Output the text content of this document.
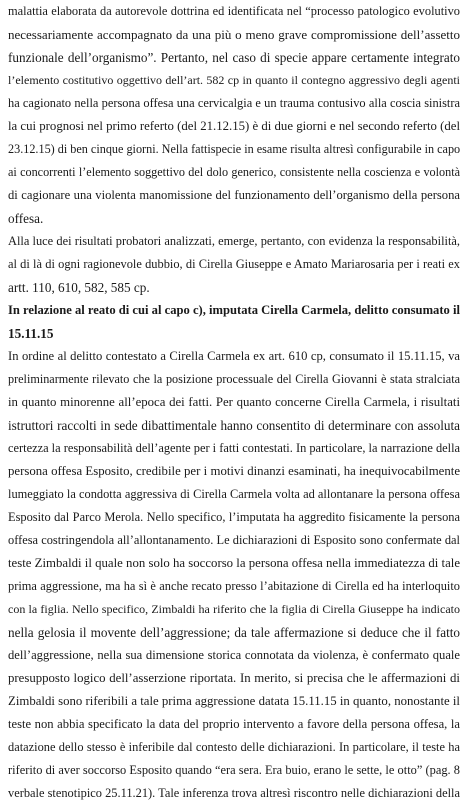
malattia elaborata da autorevole dottrina ed identificata nel “processo patologico evolutivo
necessariamente accompagnato da una più o meno grave compromissione dell’assetto
funzionale dell’organismo”. Pertanto, nel caso di specie appare certamente integrato
l’elemento costitutivo oggettivo dell’art. 582 cp in quanto il contegno aggressivo degli agenti
ha cagionato nella persona offesa una cervicalgia e un trauma contusivo alla coscia sinistra
la cui prognosi nel primo referto (del 21.12.15) è di due giorni e nel secondo referto (del
23.12.15) di ben cinque giorni. Nella fattispecie in esame risulta altresì configurabile in capo
ai concorrenti l’elemento soggettivo del dolo generico, consistente nella coscienza e volontà
di cagionare una violenta manomissione del funzionamento dell’organismo della persona
offesa.
Alla luce dei risultati probatori analizzati, emerge, pertanto, con evidenza la responsabilità,
al di là di ogni ragionevole dubbio, di Cirella Giuseppe e Amato Mariarosaria per i reati ex
artt. 110, 610, 582, 585 cp.
In relazione al reato di cui al capo c), imputata Cirella Carmela, delitto consumato il
15.11.15
In ordine al delitto contestato a Cirella Carmela ex art. 610 cp, consumato il 15.11.15, va
preliminarmente rilevato che la posizione processuale del Cirella Giovanni è stata stralciata
in quanto minorenne all’epoca dei fatti. Per quanto concerne Cirella Carmela, i risultati
istruttori raccolti in sede dibattimentale hanno consentito di determinare con assoluta
certezza la responsabilità dell’agente per i fatti contestati. In particolare, la narrazione della
persona offesa Esposito, credibile per i motivi dinanzi esaminati, ha inequivocabilmente
lumeggiato la condotta aggressiva di Cirella Carmela volta ad allontanare la persona offesa
Esposito dal Parco Merola. Nello specifico, l’imputata ha aggredito fisicamente la persona
offesa costringendola all’allontanamento. Le dichiarazioni di Esposito sono confermate dal
teste Zimbaldi il quale non solo ha soccorso la persona offesa nella immediatezza di tale
prima aggressione, ma ha sì è anche recato presso l’abitazione di Cirella ed ha interloquito
con la figlia. Nello specifico, Zimbaldi ha riferito che la figlia di Cirella Giuseppe ha indicato
nella gelosia il movente dell’aggressione; da tale affermazione si deduce che il fatto
dell’aggressione, nella sua dimensione storica connotata da violenza, è confermato quale
presupposto logico dell’asserzione riportata. In merito, si precisa che le affermazioni di
Zimbaldi sono riferibili a tale prima aggressione datata 15.11.15 in quanto, nonostante il
teste non abbia specificato la data del proprio intervento a favore della persona offesa, la
datazione dello stesso è inferibile dal contesto delle dichiarazioni. In particolare, il teste ha
riferito di aver soccorso Esposito quando “era sera. Era buio, erano le sette, le otto” (pag. 8
verbale stenotipico 25.11.21). Tale inferenza trova altresì riscontro nelle dichiarazioni della
